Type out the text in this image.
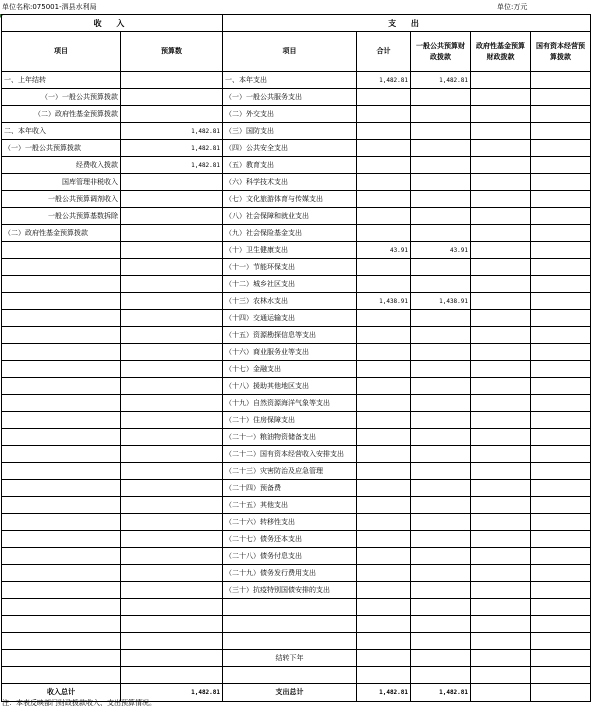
单位名称:075001-泗县水利局	单位:万元
收 入		支 出				
项目	预算数	项目	合计	一般公共预算财政拨款	政府性基金预算财政拨款	国有资本经营预算拨款
一、上年结转		一、本年支出	1,482.81	1,482.81		
（一）一般公共预算拨款		（一）一般公共服务支出				
（二）政府性基金预算拨款		（二）外交支出				
二、本年收入	1,482.81	（三）国防支出				
（一）一般公共预算拨款	1,482.81	（四）公共安全支出				
经费收入拨款	1,482.81	（五）教育支出				
国库管理非税收入		（六）科学技术支出				
一般公共预算调剂收入		（七）文化旅游体育与传媒支出				
一般公共预算基数拆除		（八）社会保障和就业支出				
（二）政府性基金预算拨款		（九）社会保险基金支出				
		（十）卫生健康支出	43.91	43.91		
		（十一）节能环保支出				
		（十二）城乡社区支出				
		（十三）农林水支出	1,438.91	1,438.91		
		（十四）交通运输支出				
		（十五）资源勘探信息等支出				
		（十六）商业服务业等支出				
		（十七）金融支出				
		（十八）援助其他地区支出				
		（十九）自然资源海洋气象等支出				
		（二十）住房保障支出				
		（二十一）粮油物资储备支出				
		（二十二）国有资本经营收入安排支出				
		（二十三）灾害防治及应急管理				
		（二十四）预备费				
		（二十五）其他支出				
		（二十六）转移性支出				
		（二十七）债务还本支出				
		（二十八）债务付息支出				
		（二十九）债务发行费用支出				
		（三十）抗疫特别国债安排的支出				

		结转下年				

收入总计	1,482.81	支出总计	1,482.81	1,482.81		
注：本表反映部门财政拨款收入、支出预算情况。
